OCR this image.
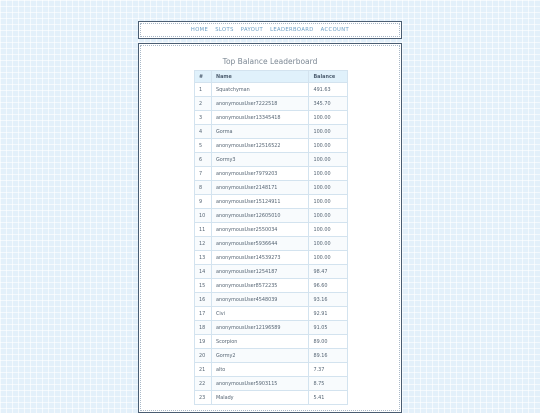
HOME SLOTS PAYOUT LEADERBOARD ACCOUNT
Top Balance Leaderboard
#	Name	Balance
1	Squatchyman	491.63
2	anonymousUser7222518	345.70
3	anonymousUser13345418	100.00
4	Gorma	100.00
5	anonymousUser12516522	100.00
6	Gormy3	100.00
7	anonymousUser7979203	100.00
8	anonymousUser2148171	100.00
9	anonymousUser15124911	100.00
10	anonymousUser12605010	100.00
11	anonymousUser2550034	100.00
12	anonymousUser5936644	100.00
13	anonymousUser14539273	100.00
14	anonymousUser1254187	98.47
15	anonymousUser8572235	96.60
16	anonymousUser4548039	93.16
17	Civi	92.91
18	anonymousUser12196589	91.05
19	Scorpion	89.00
20	Gormy2	89.16
21	alto	7.37
22	anonymousUser5903115	8.75
23	Malady	5.41
